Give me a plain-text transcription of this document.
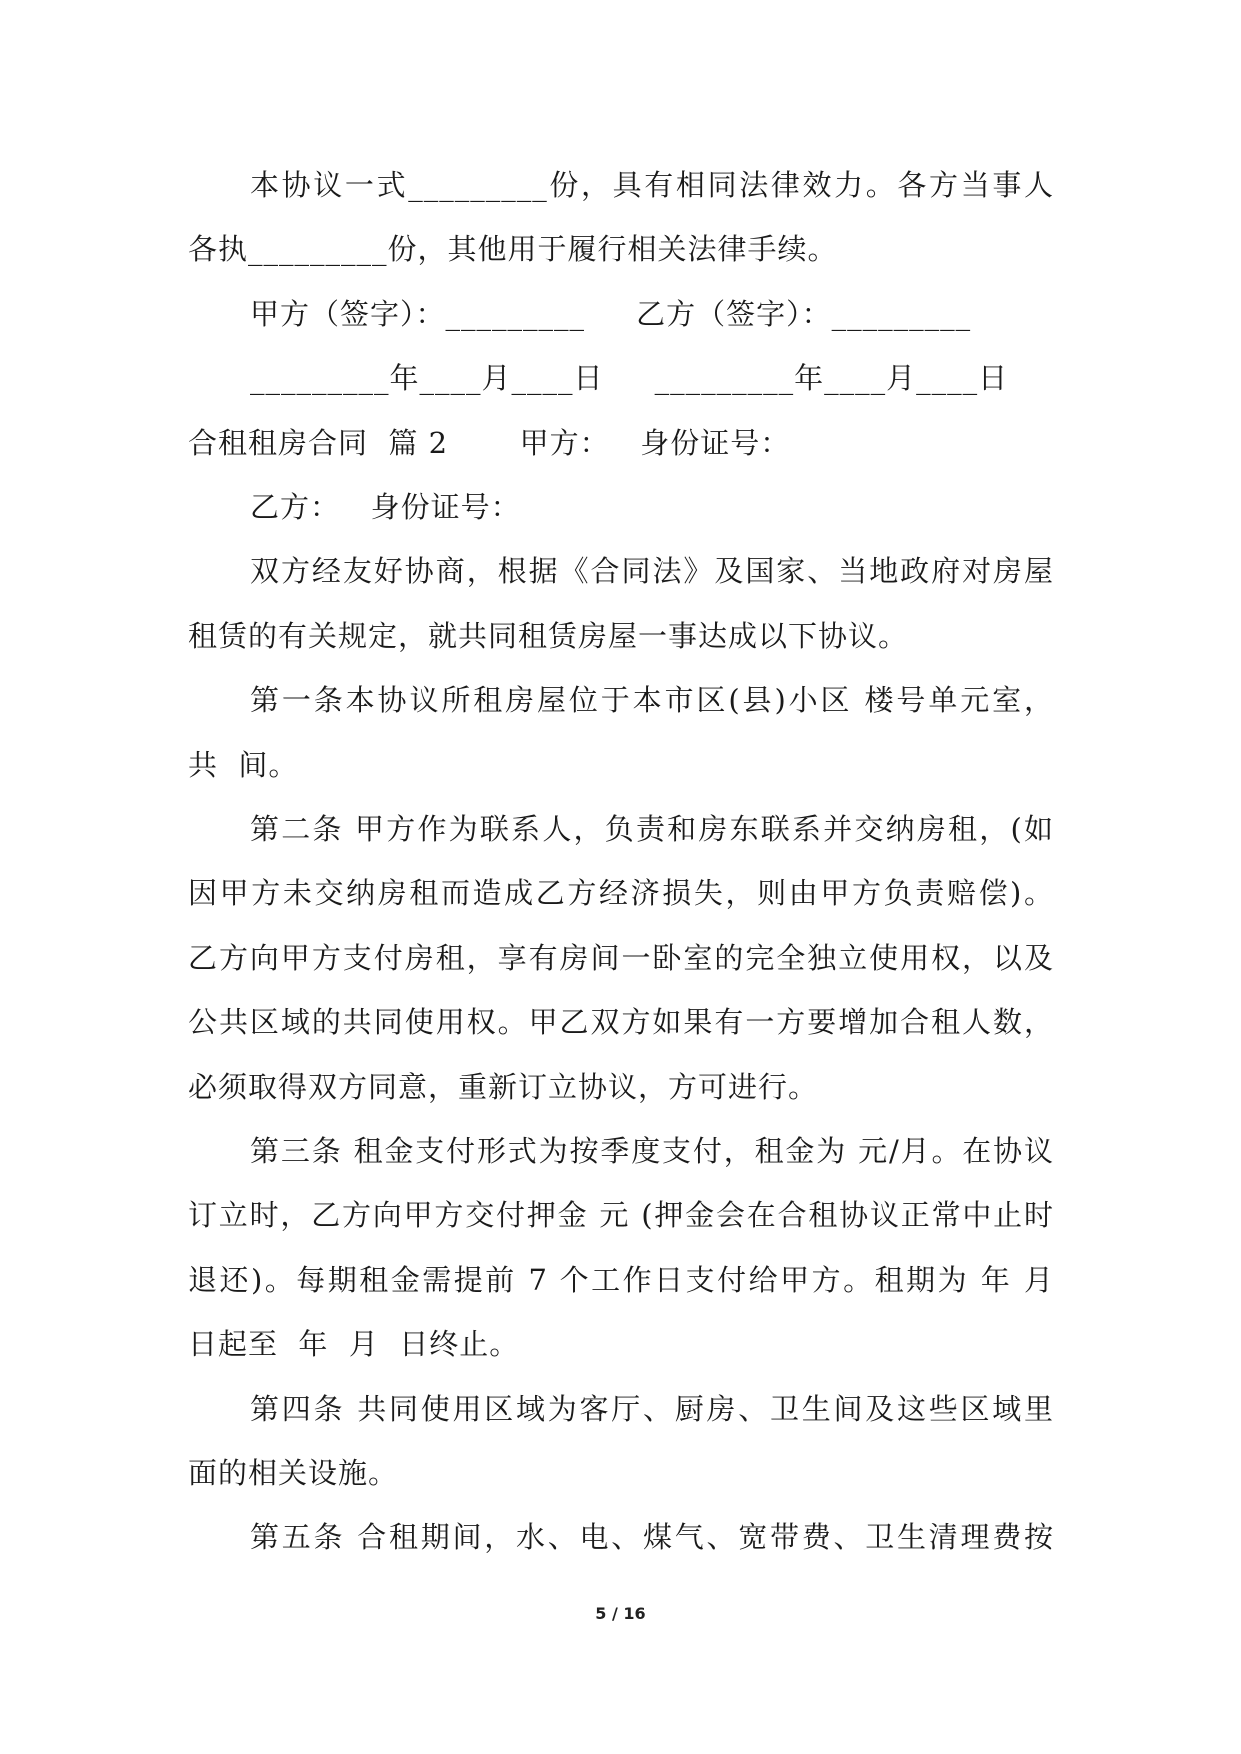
本协议一式_________份，具有相同法律效力。各方当事人
各执_________份，其他用于履行相关法律手续。
甲方（签字）：_________     乙方（签字）：_________
_________年____月____日     _________年____月____日
合租租房合同  篇 2       甲方：   身份证号：
乙方：   身份证号：
双方经友好协商，根据《合同法》及国家、当地政府对房屋
租赁的有关规定，就共同租赁房屋一事达成以下协议。
第一条本协议所租房屋位于本市区(县)小区 楼号单元室，
共  间。
第二条 甲方作为联系人，负责和房东联系并交纳房租，(如
因甲方未交纳房租而造成乙方经济损失，则由甲方负责赔偿)。
乙方向甲方支付房租，享有房间一卧室的完全独立使用权，以及
公共区域的共同使用权。甲乙双方如果有一方要增加合租人数，
必须取得双方同意，重新订立协议，方可进行。
第三条 租金支付形式为按季度支付，租金为 元/月。在协议
订立时，乙方向甲方交付押金 元 (押金会在合租协议正常中止时
退还)。每期租金需提前 7 个工作日支付给甲方。租期为 年 月
日起至  年  月  日终止。
第四条 共同使用区域为客厅、厨房、卫生间及这些区域里
面的相关设施。
第五条 合租期间，水、电、煤气、宽带费、卫生清理费按
5 / 16
